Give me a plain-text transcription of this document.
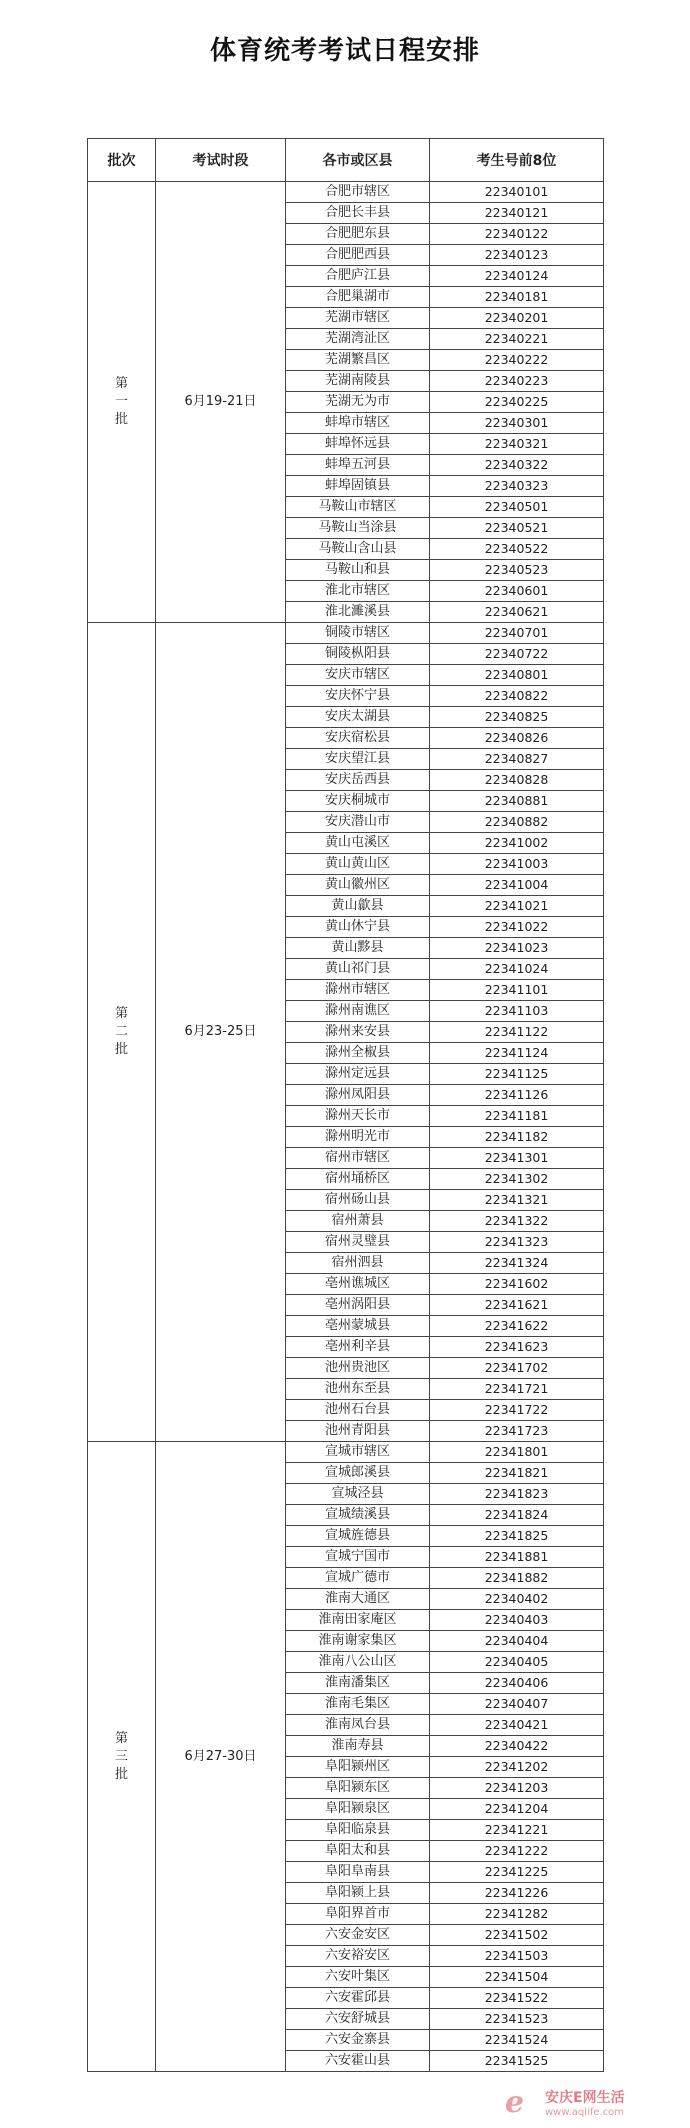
体育统考考试日程安排
批次	考试时段	各市或区县	考生号前8位
第一批	6月19-21日	合肥市辖区	22340101
		合肥长丰县	22340121
		合肥肥东县	22340122
		合肥肥西县	22340123
		合肥庐江县	22340124
		合肥巢湖市	22340181
		芜湖市辖区	22340201
		芜湖湾沚区	22340221
		芜湖繁昌区	22340222
		芜湖南陵县	22340223
		芜湖无为市	22340225
		蚌埠市辖区	22340301
		蚌埠怀远县	22340321
		蚌埠五河县	22340322
		蚌埠固镇县	22340323
		马鞍山市辖区	22340501
		马鞍山当涂县	22340521
		马鞍山含山县	22340522
		马鞍山和县	22340523
		淮北市辖区	22340601
		淮北濉溪县	22340621
第二批	6月23-25日	铜陵市辖区	22340701
		铜陵枞阳县	22340722
		安庆市辖区	22340801
		安庆怀宁县	22340822
		安庆太湖县	22340825
		安庆宿松县	22340826
		安庆望江县	22340827
		安庆岳西县	22340828
		安庆桐城市	22340881
		安庆潜山市	22340882
		黄山屯溪区	22341002
		黄山黄山区	22341003
		黄山徽州区	22341004
		黄山歙县	22341021
		黄山休宁县	22341022
		黄山黟县	22341023
		黄山祁门县	22341024
		滁州市辖区	22341101
		滁州南谯区	22341103
		滁州来安县	22341122
		滁州全椒县	22341124
		滁州定远县	22341125
		滁州凤阳县	22341126
		滁州天长市	22341181
		滁州明光市	22341182
		宿州市辖区	22341301
		宿州埇桥区	22341302
		宿州砀山县	22341321
		宿州萧县	22341322
		宿州灵璧县	22341323
		宿州泗县	22341324
		亳州谯城区	22341602
		亳州涡阳县	22341621
		亳州蒙城县	22341622
		亳州利辛县	22341623
		池州贵池区	22341702
		池州东至县	22341721
		池州石台县	22341722
		池州青阳县	22341723
第三批	6月27-30日	宣城市辖区	22341801
		宣城郎溪县	22341821
		宣城泾县	22341823
		宣城绩溪县	22341824
		宣城旌德县	22341825
		宣城宁国市	22341881
		宣城广德市	22341882
		淮南大通区	22340402
		淮南田家庵区	22340403
		淮南谢家集区	22340404
		淮南八公山区	22340405
		淮南潘集区	22340406
		淮南毛集区	22340407
		淮南凤台县	22340421
		淮南寿县	22340422
		阜阳颍州区	22341202
		阜阳颍东区	22341203
		阜阳颍泉区	22341204
		阜阳临泉县	22341221
		阜阳太和县	22341222
		阜阳阜南县	22341225
		阜阳颍上县	22341226
		阜阳界首市	22341282
		六安金安区	22341502
		六安裕安区	22341503
		六安叶集区	22341504
		六安霍邱县	22341522
		六安舒城县	22341523
		六安金寨县	22341524
		六安霍山县	22341525
e 安庆E网生活
www.aqlife.com
